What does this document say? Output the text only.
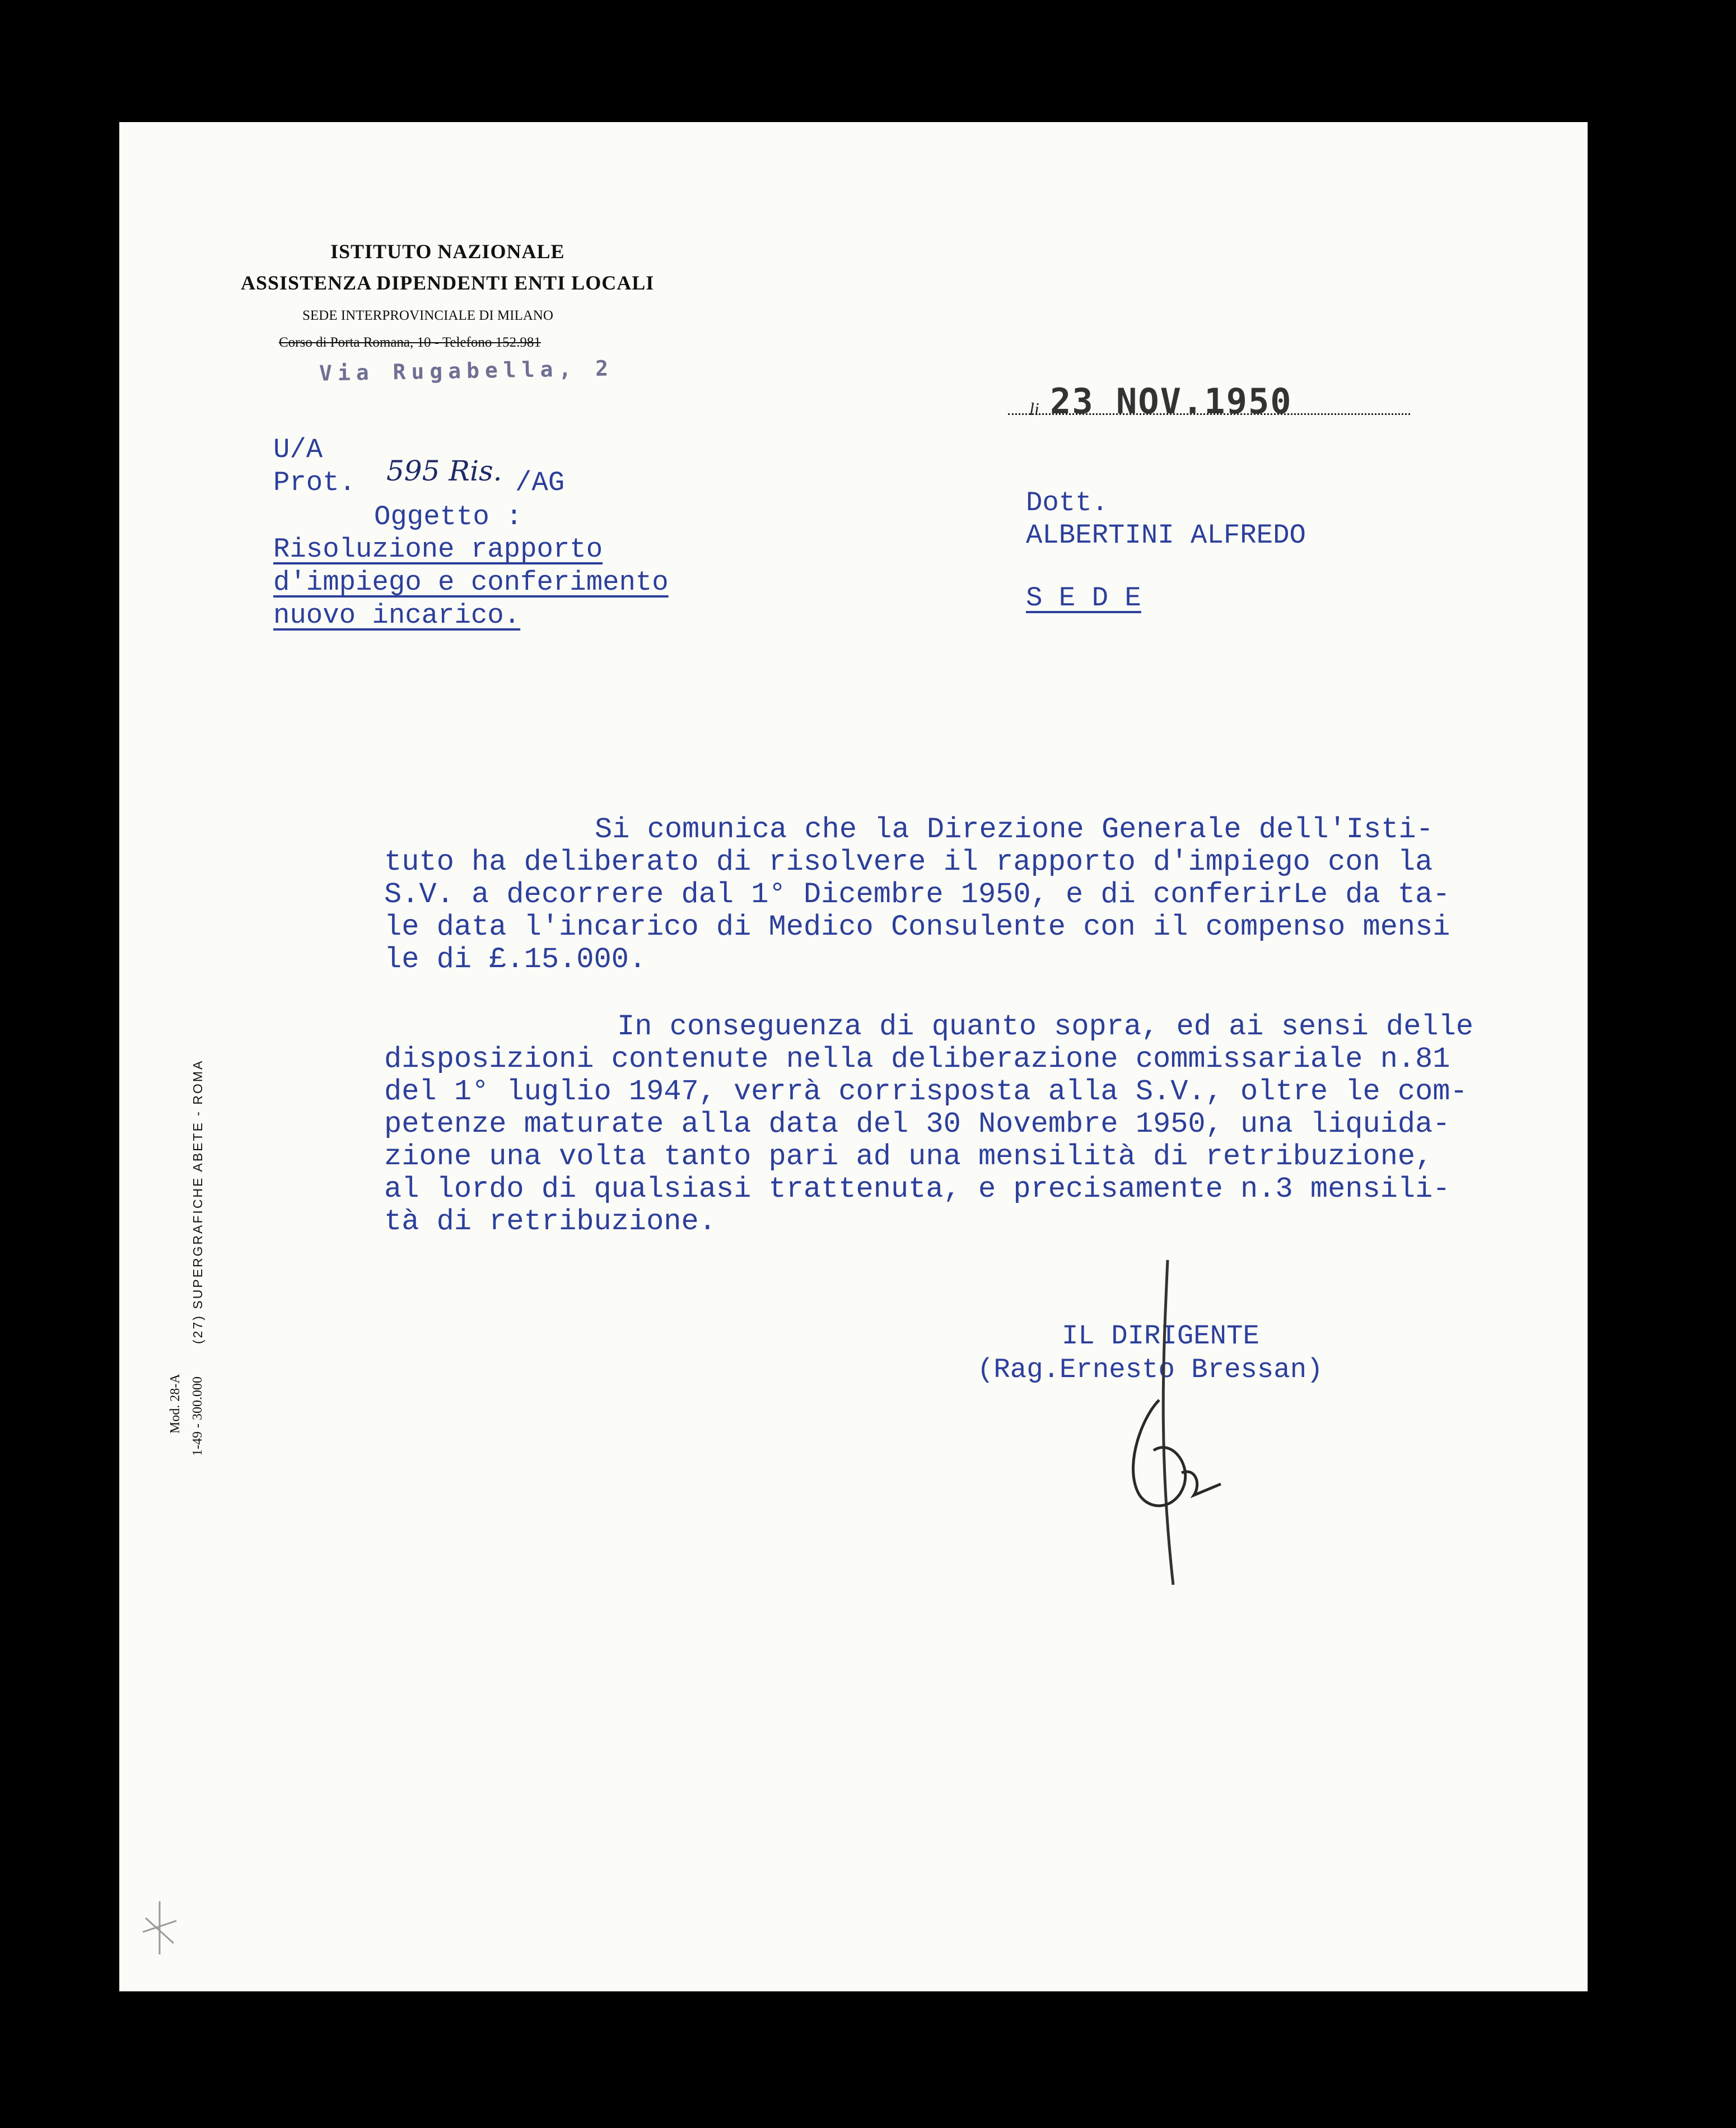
ISTITUTO NAZIONALE
ASSISTENZA DIPENDENTI ENTI LOCALI
SEDE INTERPROVINCIALE DI MILANO
Corso di Porta Romana, 10 - Telefono 152.981
Via Rugabella, 2
li 23 NOV.1950
U/A
Prot. 595 Ris. /AG
Oggetto :
Risoluzione rapporto
d'impiego e conferimento
nuovo incarico.
Dott.
ALBERTINI ALFREDO
S E D E
Si comunica che la Direzione Generale dell'Isti-
tuto ha deliberato di risolvere il rapporto d'impiego con la
S.V. a decorrere dal 1° Dicembre 1950, e di conferirLe da ta-
le data l'incarico di Medico Consulente con il compenso mensi
le di £.15.000.
In conseguenza di quanto sopra, ed ai sensi delle
disposizioni contenute nella deliberazione commissariale n.81
del 1° luglio 1947, verrà corrisposta alla S.V., oltre le com-
petenze maturate alla data del 30 Novembre 1950, una liquida-
zione una volta tanto pari ad una mensilità di retribuzione,
al lordo di qualsiasi trattenuta, e precisamente n.3 mensili-
tà di retribuzione.
IL DIRIGENTE
(Rag.Ernesto Bressan)
Mod. 28-A 1-49 - 300.000
(27) SUPERGRAFICHE ABETE - ROMA
